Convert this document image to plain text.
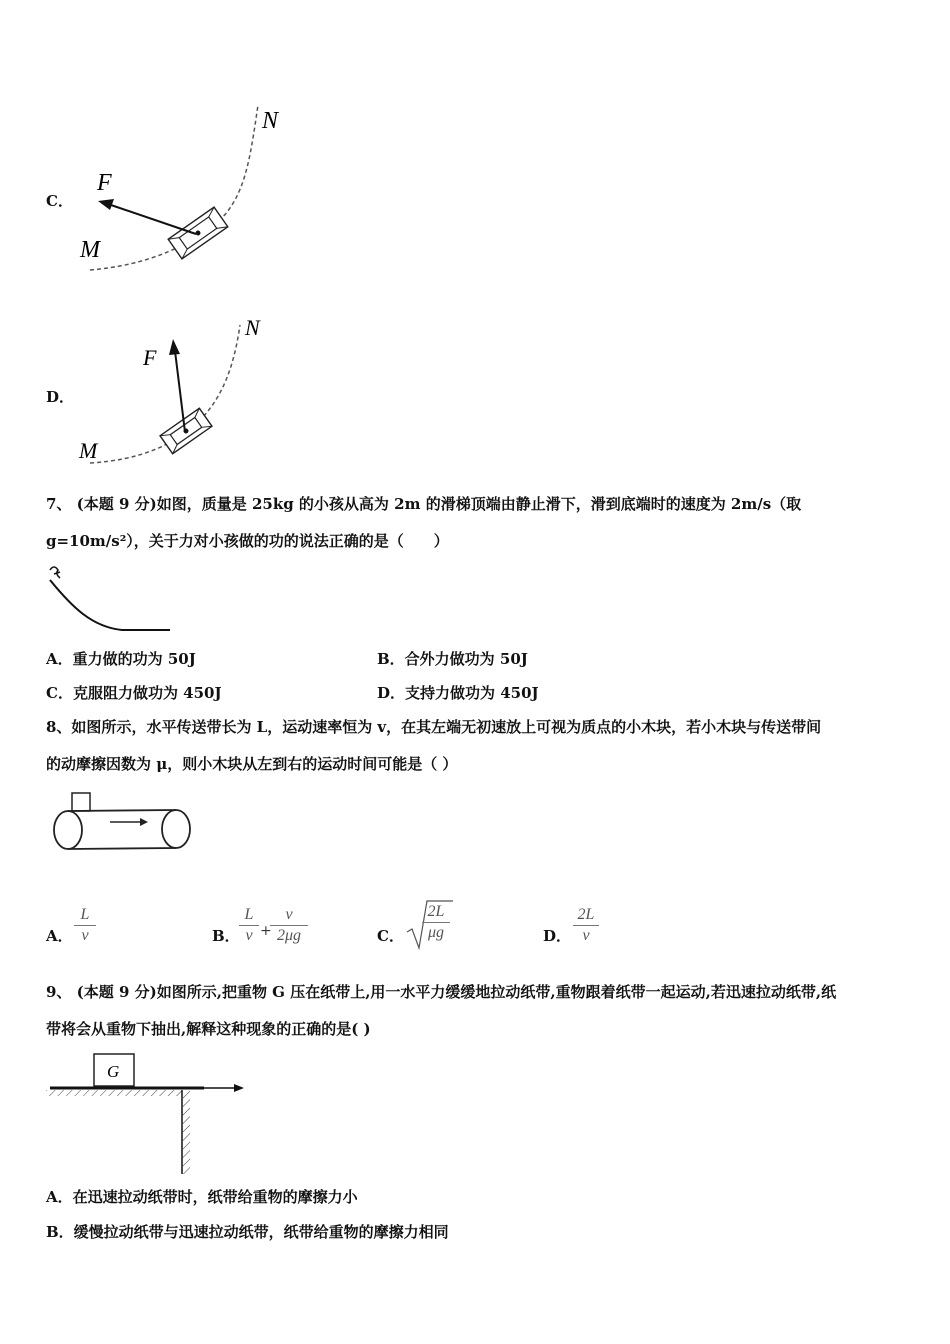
C．
F
M
N
D．
F
M
N
7、 (本题 9 分)如图，质量是 25kg 的小孩从高为 2m 的滑梯顶端由静止滑下，滑到底端时的速度为 2m/s（取
g=10m/s²），关于力对小孩做的功的说法正确的是（　　）
A．重力做的功为 50J	B．合外力做功为 50J
C．克服阻力做功为 450J	D．支持力做功为 450J
8、如图所示，水平传送带长为 L，运动速率恒为 v，在其左端无初速放上可视为质点的小木块，若小木块与传送带间
的动摩擦因数为 μ，则小木块从左到右的运动时间可能是（ ）
A． $\frac{L}{v}$	B． $\frac{L}{v}$ +
$\frac{v}{2\mu g}$	C． $\frac{2L}{\mu g}$	D． $\frac{2L}{v}$
9、 (本题 9 分)如图所示,把重物 G 压在纸带上,用一水平力缓缓地拉动纸带,重物跟着纸带一起运动,若迅速拉动纸带,纸
带将会从重物下抽出,解释这种现象的正确的是( )
G
A．在迅速拉动纸带时，纸带给重物的摩擦力小
B．缓慢拉动纸带与迅速拉动纸带，纸带给重物的摩擦力相同
